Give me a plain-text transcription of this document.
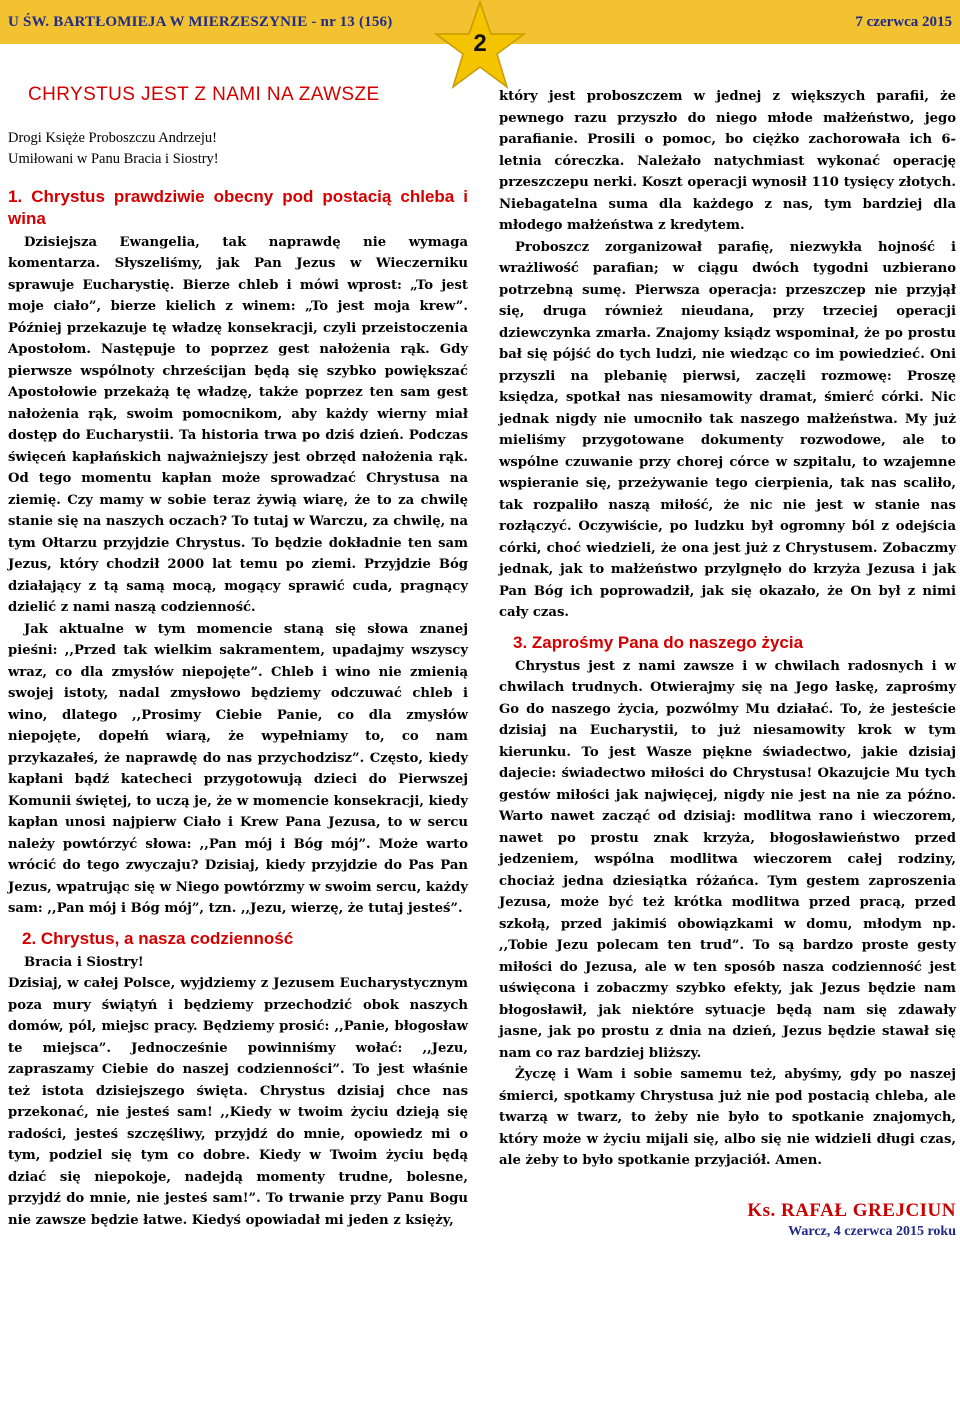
U ŚW. BARTŁOMIEJA W MIERZESZYNIE - nr 13 (156)	7 czerwca 2015
2
CHRYSTUS JEST Z NAMI NA ZAWSZE
Drogi Księże Proboszczu Andrzeju!
Umiłowani w Panu Bracia i Siostry!
1. Chrystus prawdziwie obecny pod postacią chleba i wina

Dzisiejsza Ewangelia, tak naprawdę nie wymaga komentarza. Słyszeliśmy, jak Pan Jezus w Wieczerniku sprawuje Eucharystię. Bierze chleb i mówi wprost: „To jest moje ciało”, bierze kielich z winem: „To jest moja krew”. Później przekazuje tę władzę konsekracji, czyli przeistoczenia Apostołom. Następuje to poprzez gest nałożenia rąk. Gdy pierwsze wspólnoty chrześcijan będą się szybko powiększać Apostołowie przekażą tę władzę, także poprzez ten sam gest nałożenia rąk, swoim pomocnikom, aby każdy wierny miał dostęp do Eucharystii. Ta historia trwa po dziś dzień. Podczas święceń kapłańskich najważniejszy jest obrzęd nałożenia rąk. Od tego momentu kapłan może sprowadzać Chrystusa na ziemię. Czy mamy w sobie teraz żywią wiarę, że to za chwilę stanie się na naszych oczach? To tutaj w Warczu, za chwilę, na tym Ołtarzu przyjdzie Chrystus. To będzie dokładnie ten sam Jezus, który chodził 2000 lat temu po ziemi. Przyjdzie Bóg działający z tą samą mocą, mogący sprawić cuda, pragnący dzielić z nami naszą codzienność.

Jak aktualne w tym momencie staną się słowa znanej pieśni: ,,Przed tak wielkim sakramentem, upadajmy wszyscy wraz, co dla zmysłów niepojęte”. Chleb i wino nie zmienią swojej istoty, nadal zmysłowo będziemy odczuwać chleb i wino, dlatego ,,Prosimy Ciebie Panie, co dla zmysłów niepojęte, dopełń wiarą, że wypełniamy to, co nam przykazałeś, że naprawdę do nas przychodzisz”. Często, kiedy kapłani bądź katecheci przygotowują dzieci do Pierwszej Komunii świętej, to uczą je, że w momencie konsekracji, kiedy kapłan unosi najpierw Ciało i Krew Pana Jezusa, to w sercu należy powtórzyć słowa: ,,Pan mój i Bóg mój”. Może warto wrócić do tego zwyczaju? Dzisiaj, kiedy przyjdzie do Pas Pan Jezus, wpatrując się w Niego powtórzmy w swoim sercu, każdy sam: ,,Pan mój i Bóg mój”, tzn. ,,Jezu, wierzę, że tutaj jesteś”.

2. Chrystus, a nasza codzienność

Bracia i Siostry!

Dzisiaj, w całej Polsce, wyjdziemy z Jezusem Eucharystycznym poza mury świątyń i będziemy przechodzić obok naszych domów, pól, miejsc pracy. Będziemy prosić: ,,Panie, błogosław te miejsca”. Jednocześnie powinniśmy wołać: ,,Jezu, zapraszamy Ciebie do naszej codzienności”. To jest właśnie też istota dzisiejszego święta. Chrystus dzisiaj chce nas przekonać, nie jesteś sam! ,,Kiedy w twoim życiu dzieją się radości, jesteś szczęśliwy, przyjdź do mnie, opowiedz mi o tym, podziel się tym co dobre. Kiedy w Twoim życiu będą dziać się niepokoje, nadejdą momenty trudne, bolesne, przyjdź do mnie, nie jesteś sam!”. To trwanie przy Panu Bogu nie zawsze będzie łatwe. Kiedyś opowiadał mi jeden z księży,

który jest proboszczem w jednej z większych parafii, że pewnego razu przyszło do niego młode małżeństwo, jego parafianie. Prosili o pomoc, bo ciężko zachorowała ich 6-letnia córeczka. Należało natychmiast wykonać operację przeszczepu nerki. Koszt operacji wynosił 110 tysięcy złotych. Niebagatelna suma dla każdego z nas, tym bardziej dla młodego małżeństwa z kredytem.

Proboszcz zorganizował parafię, niezwykła hojność i wrażliwość parafian; w ciągu dwóch tygodni uzbierano potrzebną sumę. Pierwsza operacja: przeszczep nie przyjął się, druga również nieudana, przy trzeciej operacji dziewczynka zmarła. Znajomy ksiądz wspominał, że po prostu bał się pójść do tych ludzi, nie wiedząc co im powiedzieć. Oni przyszli na plebanię pierwsi, zaczęli rozmowę: Proszę księdza, spotkał nas niesamowity dramat, śmierć córki. Nic jednak nigdy nie umocniło tak naszego małżeństwa. My już mieliśmy przygotowane dokumenty rozwodowe, ale to wspólne czuwanie przy chorej córce w szpitalu, to wzajemne wspieranie się, przeżywanie tego cierpienia, tak nas scaliło, tak rozpaliło naszą miłość, że nic nie jest w stanie nas rozłączyć. Oczywiście, po ludzku był ogromny ból z odejścia córki, choć wiedzieli, że ona jest już z Chrystusem. Zobaczmy jednak, jak to małżeństwo przylgnęło do krzyża Jezusa i jak Pan Bóg ich poprowadził, jak się okazało, że On był z nimi cały czas.

3. Zaprośmy Pana do naszego życia

Chrystus jest z nami zawsze i w chwilach radosnych i w chwilach trudnych. Otwierajmy się na Jego łaskę, zaprośmy Go do naszego życia, pozwólmy Mu działać. To, że jesteście dzisiaj na Eucharystii, to już niesamowity krok w tym kierunku. To jest Wasze piękne świadectwo, jakie dzisiaj dajecie: świadectwo miłości do Chrystusa! Okazujcie Mu tych gestów miłości jak najwięcej, nigdy nie jest na nie za późno. Warto nawet zacząć od dzisiaj: modlitwa rano i wieczorem, nawet po prostu znak krzyża, błogosławieństwo przed jedzeniem, wspólna modlitwa wieczorem całej rodziny, chociaż jedna dziesiątka różańca. Tym gestem zaproszenia Jezusa, może być też krótka modlitwa przed pracą, przed szkołą, przed jakimiś obowiązkami w domu, młodym np. ,,Tobie Jezu polecam ten trud”. To są bardzo proste gesty miłości do Jezusa, ale w ten sposób nasza codzienność jest uświęcona i zobaczmy szybko efekty, jak Jezus będzie nam błogosławił, jak niektóre sytuacje będą nam się zdawały jasne, jak po prostu z dnia na dzień, Jezus będzie stawał się nam co raz bardziej bliższy.

Życzę i Wam i sobie samemu też, abyśmy, gdy po naszej śmierci, spotkamy Chrystusa już nie pod postacią chleba, ale twarzą w twarz, to żeby nie było to spotkanie znajomych, który może w życiu mijali się, albo się nie widzieli długi czas, ale żeby to było spotkanie przyjaciół. Amen.

Ks. RAFAŁ GREJCIUN
Warcz, 4 czerwca 2015 roku
